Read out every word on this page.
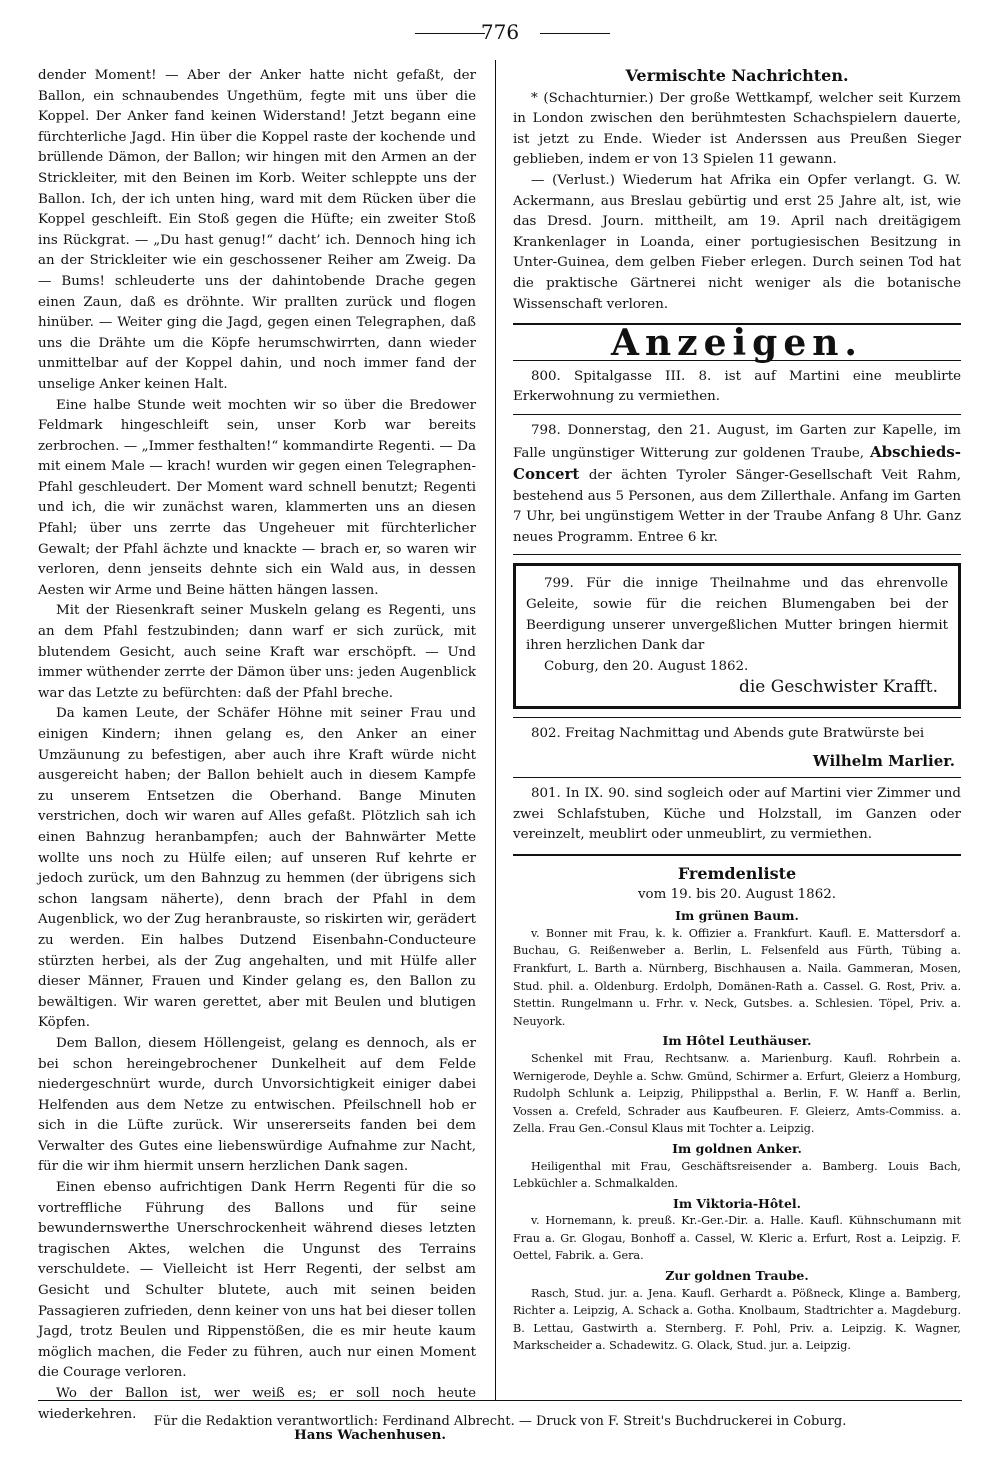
776

dender Moment! — Aber der Anker hatte nicht gefaßt, der Ballon, ein schnaubendes Ungethüm, fegte mit uns über die Koppel. Der Anker fand keinen Widerstand! Jetzt begann eine fürchterliche Jagd. Hin über die Koppel raste der kochende und brüllende Dämon, der Ballon; wir hingen mit den Armen an der Strickleiter, mit den Beinen im Korb. Weiter schleppte uns der Ballon. Ich, der ich unten hing, ward mit dem Rücken über die Koppel geschleift. Ein Stoß gegen die Hüfte; ein zweiter Stoß ins Rückgrat. — „Du hast genug!“ dacht’ ich. Dennoch hing ich an der Strickleiter wie ein geschossener Reiher am Zweig. Da — Bums! schleuderte uns der dahintobende Drache gegen einen Zaun, daß es dröhnte. Wir prallten zurück und flogen hinüber. — Weiter ging die Jagd, gegen einen Telegraphen, daß uns die Drähte um die Köpfe herumschwirrten, dann wieder unmittelbar auf der Koppel dahin, und noch immer fand der unselige Anker keinen Halt.

Eine halbe Stunde weit mochten wir so über die Bredower Feldmark hingeschleift sein, unser Korb war bereits zerbrochen. — „Immer festhalten!“ kommandirte Regenti. — Da mit einem Male — krach! wurden wir gegen einen Telegraphen-Pfahl geschleudert. Der Moment ward schnell benutzt; Regenti und ich, die wir zunächst waren, klammerten uns an diesen Pfahl; über uns zerrte das Ungeheuer mit fürchterlicher Gewalt; der Pfahl ächzte und knackte — brach er, so waren wir verloren, denn jenseits dehnte sich ein Wald aus, in dessen Aesten wir Arme und Beine hätten hängen lassen.

Mit der Riesenkraft seiner Muskeln gelang es Regenti, uns an dem Pfahl festzubinden; dann warf er sich zurück, mit blutendem Gesicht, auch seine Kraft war erschöpft. — Und immer wüthender zerrte der Dämon über uns: jeden Augenblick war das Letzte zu befürchten: daß der Pfahl breche.

Da kamen Leute, der Schäfer Höhne mit seiner Frau und einigen Kindern; ihnen gelang es, den Anker an einer Umzäunung zu befestigen, aber auch ihre Kraft würde nicht ausgereicht haben; der Ballon behielt auch in diesem Kampfe zu unserem Entsetzen die Oberhand. Bange Minuten verstrichen, doch wir waren auf Alles gefaßt. Plötzlich sah ich einen Bahnzug heranbampfen; auch der Bahnwärter Mette wollte uns noch zu Hülfe eilen; auf unseren Ruf kehrte er jedoch zurück, um den Bahnzug zu hemmen (der übrigens sich schon langsam näherte), denn brach der Pfahl in dem Augenblick, wo der Zug heranbrauste, so riskirten wir, gerädert zu werden. Ein halbes Dutzend Eisenbahn-Conducteure stürzten herbei, als der Zug angehalten, und mit Hülfe aller dieser Männer, Frauen und Kinder gelang es, den Ballon zu bewältigen. Wir waren gerettet, aber mit Beulen und blutigen Köpfen.

Dem Ballon, diesem Höllengeist, gelang es dennoch, als er bei schon hereingebrochener Dunkelheit auf dem Felde niedergeschnürt wurde, durch Unvorsichtigkeit einiger dabei Helfenden aus dem Netze zu entwischen. Pfeilschnell hob er sich in die Lüfte zurück. Wir unsererseits fanden bei dem Verwalter des Gutes eine liebenswürdige Aufnahme zur Nacht, für die wir ihm hiermit unsern herzlichen Dank sagen.

Einen ebenso aufrichtigen Dank Herrn Regenti für die so vortreffliche Führung des Ballons und für seine bewundernswerthe Unerschrockenheit während dieses letzten tragischen Aktes, welchen die Ungunst des Terrains verschuldete. — Vielleicht ist Herr Regenti, der selbst am Gesicht und Schulter blutete, auch mit seinen beiden Passagieren zufrieden, denn keiner von uns hat bei dieser tollen Jagd, trotz Beulen und Rippenstößen, die es mir heute kaum möglich machen, die Feder zu führen, auch nur einen Moment die Courage verloren.

Wo der Ballon ist, wer weiß es; er soll noch heute wiederkehren.

Hans Wachenhusen.

Vermischte Nachrichten.

* (Schachturnier.) Der große Wettkampf, welcher seit Kurzem in London zwischen den berühmtesten Schachspielern dauerte, ist jetzt zu Ende. Wieder ist Anderssen aus Preußen Sieger geblieben, indem er von 13 Spielen 11 gewann.

— (Verlust.) Wiederum hat Afrika ein Opfer verlangt. G. W. Ackermann, aus Breslau gebürtig und erst 25 Jahre alt, ist, wie das Dresd. Journ. mittheilt, am 19. April nach dreitägigem Krankenlager in Loanda, einer portugiesischen Besitzung in Unter-Guinea, dem gelben Fieber erlegen. Durch seinen Tod hat die praktische Gärtnerei nicht weniger als die botanische Wissenschaft verloren.

Anzeigen.

800. Spitalgasse III. 8. ist auf Martini eine meublirte Erkerwohnung zu vermiethen.

798. Donnerstag, den 21. August, im Garten zur Kapelle, im Falle ungünstiger Witterung zur goldenen Traube, Abschieds-Concert der ächten Tyroler Sänger-Gesellschaft Veit Rahm, bestehend aus 5 Personen, aus dem Zillerthale. Anfang im Garten 7 Uhr, bei ungünstigem Wetter in der Traube Anfang 8 Uhr. Ganz neues Programm. Entree 6 kr.

799. Für die innige Theilnahme und das ehrenvolle Geleite, sowie für die reichen Blumengaben bei der Beerdigung unserer unvergeßlichen Mutter bringen hiermit ihren herzlichen Dank dar

Coburg, den 20. August 1862.

die Geschwister Krafft.

802. Freitag Nachmittag und Abends gute Bratwürste bei

Wilhelm Marlier.

801. In IX. 90. sind sogleich oder auf Martini vier Zimmer und zwei Schlafstuben, Küche und Holzstall, im Ganzen oder vereinzelt, meublirt oder unmeublirt, zu vermiethen.

Fremdenliste

vom 19. bis 20. August 1862.

Im grünen Baum.

v. Bonner mit Frau, k. k. Offizier a. Frankfurt. Kaufl. E. Mattersdorf a. Buchau, G. Reißenweber a. Berlin, L. Felsenfeld aus Fürth, Tübing a. Frankfurt, L. Barth a. Nürnberg, Bischhausen a. Naila. Gammeran, Mosen, Stud. phil. a. Oldenburg. Erdolph, Domänen-Rath a. Cassel. G. Rost, Priv. a. Stettin. Rungelmann u. Frhr. v. Neck, Gutsbes. a. Schlesien. Töpel, Priv. a. Neuyork.

Im Hôtel Leuthäuser.

Schenkel mit Frau, Rechtsanw. a. Marienburg. Kaufl. Rohrbein a. Wernigerode, Deyhle a. Schw. Gmünd, Schirmer a. Erfurt, Gleierz a Homburg, Rudolph Schlunk a. Leipzig, Philippsthal a. Berlin, F. W. Hanff a. Berlin, Vossen a. Crefeld, Schrader aus Kaufbeuren. F. Gleierz, Amts-Commiss. a. Zella. Frau Gen.-Consul Klaus mit Tochter a. Leipzig.

Im goldnen Anker.

Heiligenthal mit Frau, Geschäftsreisender a. Bamberg. Louis Bach, Lebküchler a. Schmalkalden.

Im Viktoria-Hôtel.

v. Hornemann, k. preuß. Kr.-Ger.-Dir. a. Halle. Kaufl. Kühnschumann mit Frau a. Gr. Glogau, Bonhoff a. Cassel, W. Kleric a. Erfurt, Rost a. Leipzig. F. Oettel, Fabrik. a. Gera.

Zur goldnen Traube.

Rasch, Stud. jur. a. Jena. Kaufl. Gerhardt a. Pößneck, Klinge a. Bamberg, Richter a. Leipzig, A. Schack a. Gotha. Knolbaum, Stadtrichter a. Magdeburg. B. Lettau, Gastwirth a. Sternberg. F. Pohl, Priv. a. Leipzig. K. Wagner, Markscheider a. Schadewitz. G. Olack, Stud. jur. a. Leipzig.

Für die Redaktion verantwortlich: Ferdinand Albrecht. — Druck von F. Streit's Buchdruckerei in Coburg.
